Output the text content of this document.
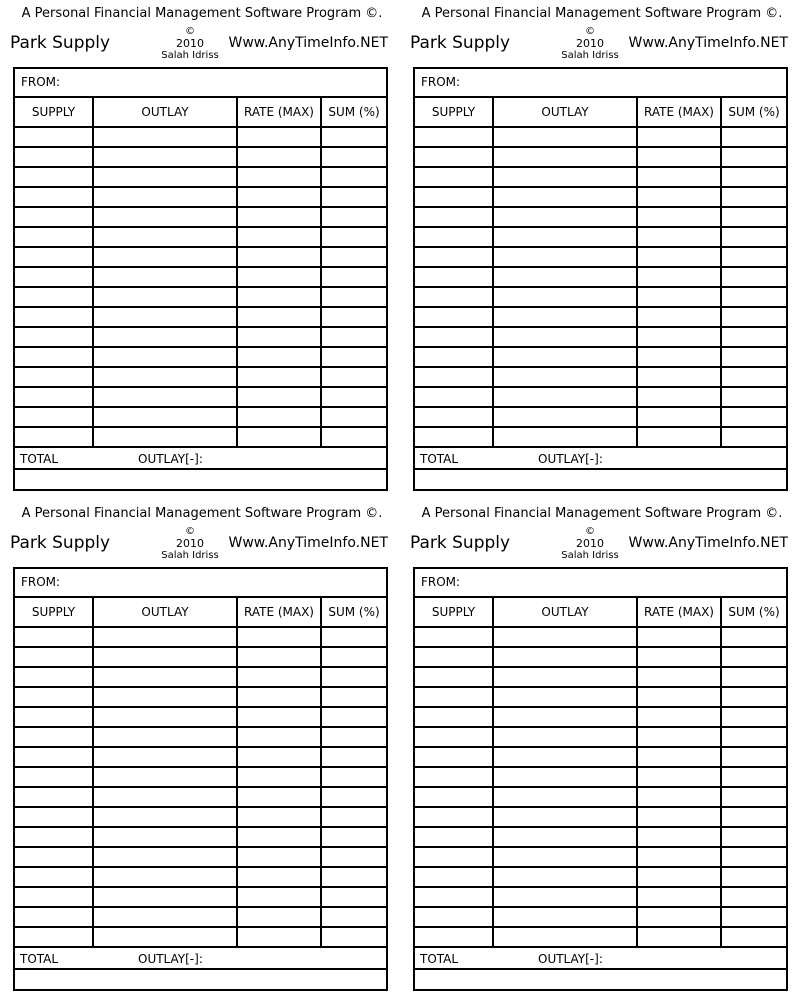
A Personal Financial Management Software Program ©.
Park Supply
©
2010
Salah Idriss
Www.AnyTimeInfo.NET
FROM:
SUPPLY	OUTLAY	RATE (MAX)	SUM (%)

TOTAL	OUTLAY[-]:
A Personal Financial Management Software Program ©.
Park Supply
©
2010
Salah Idriss
Www.AnyTimeInfo.NET
FROM:
SUPPLY	OUTLAY	RATE (MAX)	SUM (%)

TOTAL	OUTLAY[-]:
A Personal Financial Management Software Program ©.
Park Supply
©
2010
Salah Idriss
Www.AnyTimeInfo.NET
FROM:
SUPPLY	OUTLAY	RATE (MAX)	SUM (%)

TOTAL	OUTLAY[-]:
A Personal Financial Management Software Program ©.
Park Supply
©
2010
Salah Idriss
Www.AnyTimeInfo.NET
FROM:
SUPPLY	OUTLAY	RATE (MAX)	SUM (%)

TOTAL	OUTLAY[-]:
